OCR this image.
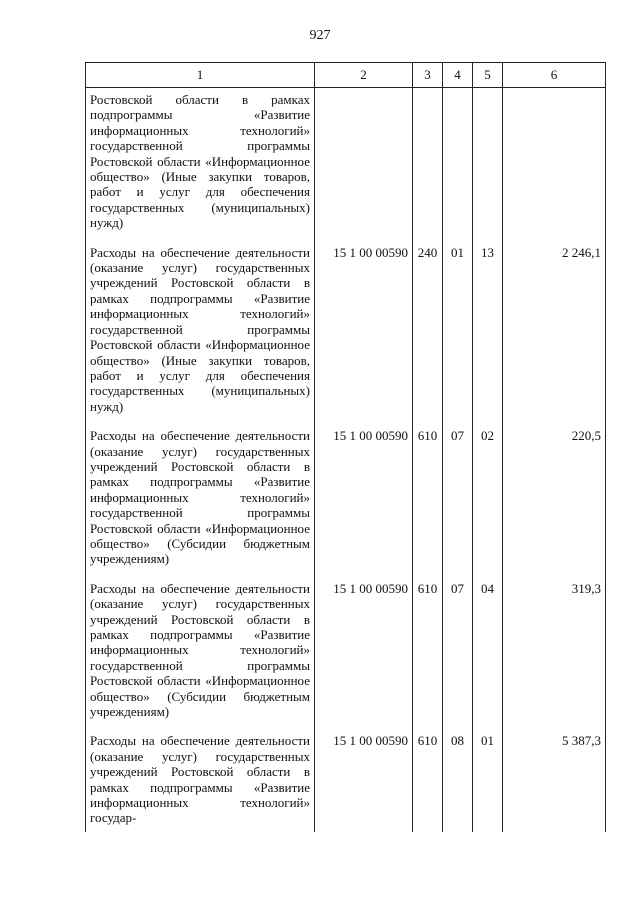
927
1	2	3	4	5	6
Ростовской области в рамках подпрограммы «Развитие информационных технологий» государственной программы Ростовской области «Информационное общество» (Иные закупки товаров, работ и услуг для обеспечения государственных (муниципальных) нужд)					
Расходы на обеспечение деятельности (оказание услуг) государственных учреждений Ростовской области в рамках подпрограммы «Развитие информационных технологий» государственной программы Ростовской области «Информационное общество» (Иные закупки товаров, работ и услуг для обеспечения государственных (муниципальных) нужд)	15 1 00 00590	240	01	13	2 246,1
Расходы на обеспечение деятельности (оказание услуг) государственных учреждений Ростовской области в рамках подпрограммы «Развитие информационных технологий» государственной программы Ростовской области «Информационное общество» (Субсидии бюджетным учреждениям)	15 1 00 00590	610	07	02	220,5
Расходы на обеспечение деятельности (оказание услуг) государственных учреждений Ростовской области в рамках подпрограммы «Развитие информационных технологий» государственной программы Ростовской области «Информационное общество» (Субсидии бюджетным учреждениям)	15 1 00 00590	610	07	04	319,3
Расходы на обеспечение деятельности (оказание услуг) государственных учреждений Ростовской области в рамках подпрограммы «Развитие информационных технологий» государ-	15 1 00 00590	610	08	01	5 387,3
